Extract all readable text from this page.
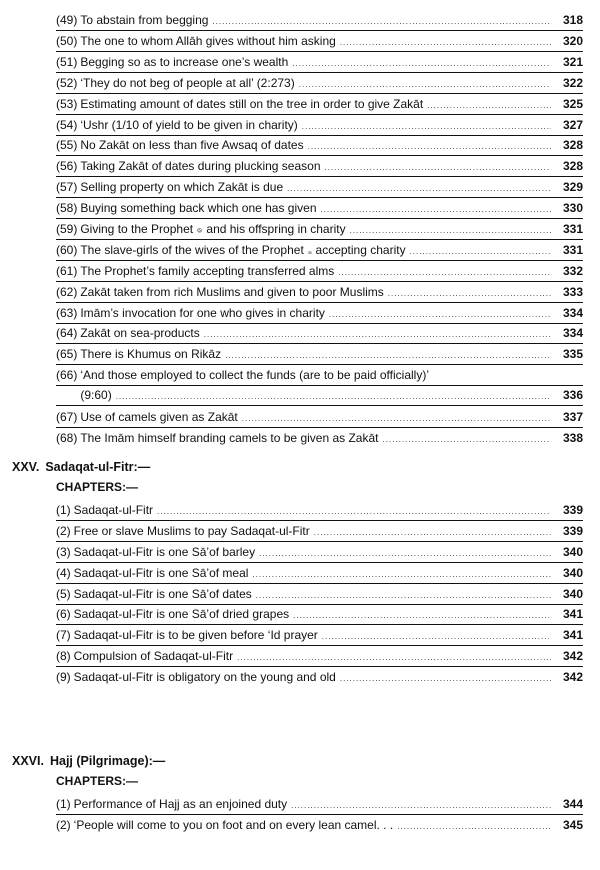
(49) To abstain from begging .....	318
(50) The one to whom Allāh gives without him asking .....	320
(51) Begging so as to increase one’s wealth .....	321
(52) ‘They do not beg of people at all’ (2:273) .....	322
(53) Estimating amount of dates still on the tree in order to give Zakāt .....	325
(54) ‘Ushr (1/10 of yield to be given in charity) .....	327
(55) No Zakāt on less than five Awsaq of dates .....	328
(56) Taking Zakāt of dates during plucking season .....	328
(57) Selling property on which Zakāt is due .....	329
(58) Buying something back which one has given .....	330
(59) Giving to the Prophet and his offspring in charity .....	331
(60) The slave-girls of the wives of the Prophet accepting charity .....	331
(61) The Prophet’s family accepting transferred alms .....	332
(62) Zakāt taken from rich Muslims and given to poor Muslims .....	333
(63) Imām’s invocation for one who gives in charity .....	334
(64) Zakāt on sea-products .....	334
(65) There is Khumus on Rikāz .....	335
(66) ‘And those employed to collect the funds (are to be paid officially)’
(9:60) .....	336
(67) Use of camels given as Zakāt .....	337
(68) The Imām himself branding camels to be given as Zakāt .....	338
XXV. Sadaqat-ul-Fitr:—
CHAPTERS:—
(1) Sadaqat-ul-Fitr .....	339
(2) Free or slave Muslims to pay Sadaqat-ul-Fitr .....	339
(3) Sadaqat-ul-Fitr is one Sā’of barley .....	340
(4) Sadaqat-ul-Fitr is one Sā’of meal .....	340
(5) Sadaqat-ul-Fitr is one Sā’of dates .....	340
(6) Sadaqat-ul-Fitr is one Sā’of dried grapes .....	341
(7) Sadaqat-ul-Fitr is to be given before ‘Id prayer .....	341
(8) Compulsion of Sadaqat-ul-Fitr .....	342
(9) Sadaqat-ul-Fitr is obligatory on the young and old .....	342
XXVI. Hajj (Pilgrimage):—
CHAPTERS:—
(1) Performance of Hajj as an enjoined duty .....	344
(2) ‘People will come to you on foot and on every lean camel. . . .....	345
